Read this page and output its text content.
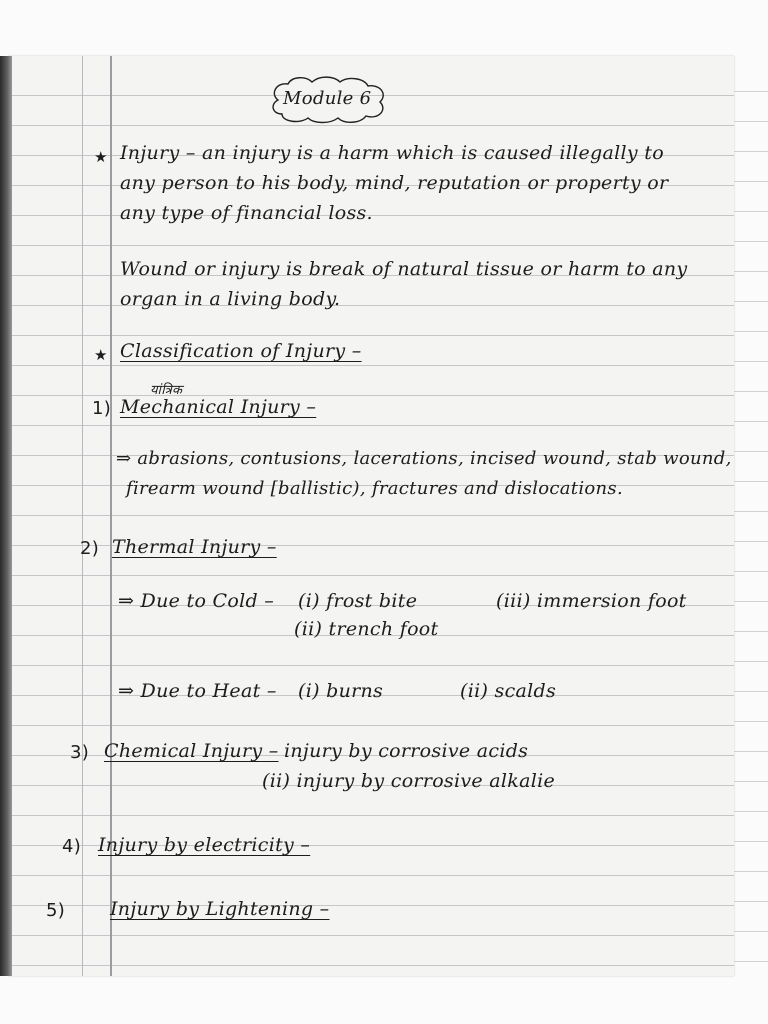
Module 6
★ Injury – an injury is a harm which is caused illegally to
any person to his body, mind, reputation or property or
any type of financial loss.
Wound or injury is break of natural tissue or harm to any
organ in a living body.
★ Classification of Injury –
यांत्रिक
1) Mechanical Injury –
⇒ abrasions, contusions, lacerations, incised wound, stab wound,
firearm wound [ballistic), fractures and dislocations.
2) Thermal Injury –
⇒ Due to Cold – (i) frost bite
(ii) trench foot
(iii) immersion foot
⇒ Due to Heat – (i) burns	(ii) scalds
3) Chemical Injury – injury by corrosive acids
(ii) injury by corrosive alkalie
4) Injury by electricity –
5) Injury by Lightening –
